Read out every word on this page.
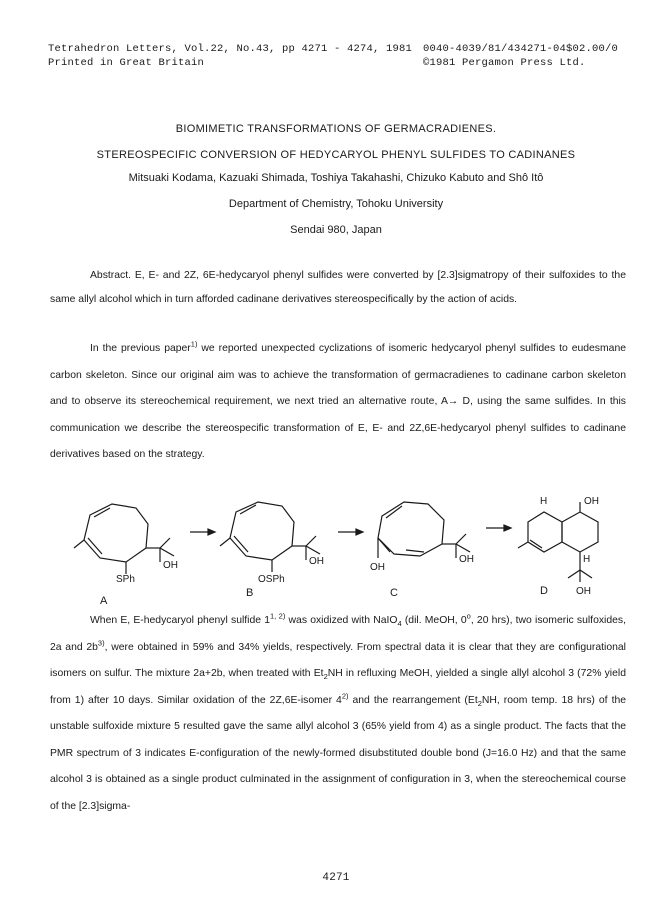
Tetrahedron Letters, Vol.22, No.43, pp 4271 - 4274, 1981
Printed in Great Britain
0040-4039/81/434271-04$02.00/0
©1981 Pergamon Press Ltd.
BIOMIMETIC TRANSFORMATIONS OF GERMACRADIENES.
STEREOSPECIFIC CONVERSION OF HEDYCARYOL PHENYL SULFIDES TO CADINANES
Mitsuaki Kodama, Kazuaki Shimada, Toshiya Takahashi, Chizuko Kabuto and Shô Itô
Department of Chemistry, Tohoku University
Sendai 980, Japan
Abstract. E, E- and 2Z, 6E-hedycaryol phenyl sulfides were converted by [2.3]sigmatropy of their sulfoxides to the same allyl alcohol which in turn afforded cadinane derivatives stereospecifically by the action of acids.
In the previous paper$^{1)}$ we reported unexpected cyclizations of isomeric hedycaryol phenyl sulfides to eudesmane carbon skeleton. Since our original aim was to achieve the transformation of germacradienes to cadinane carbon skeleton and to observe its stereochemical requirement, we next tried an alternative route, A→ D, using the same sulfides. In this communication we describe the stereospecific transformation of E, E- and 2Z,6E-hedycaryol phenyl sulfides to cadinane derivatives based on the strategy.
SPh
OH
OSPh
OH
OH
OH
H	OH
H
OH
A
B	C	D
When E, E-hedycaryol phenyl sulfide 1$^{1, 2)}$ was oxidized with NaIO$_4$ (dil. MeOH, 0$^o$, 20 hrs), two isomeric sulfoxides, 2a and $2b^{3)}$, were obtained in 59% and 34% yields, respectively. From spectral data it is clear that they are configurational isomers on sulfur. The mixture 2a+2b, when treated with $Et_2NH$ in refluxing MeOH, yielded a single allyl alcohol 3 (72% yield from 1) after 10 days. Similar oxidation of the 2Z,6E-isomer 4$^{2)}$ and the rearrangement ($Et_2NH$, room temp. 18 hrs) of the unstable sulfoxide mixture 5 resulted gave the same allyl alcohol 3 (65% yield from 4) as a single product. The facts that the PMR spectrum of 3 indicates E-configuration of the newly-formed disubstituted double bond (J=16.0 Hz) and that the same alcohol 3 is obtained as a single product culminated in the assignment of configuration in 3, when the stereochemical course of the [2.3]sigma-
4271
